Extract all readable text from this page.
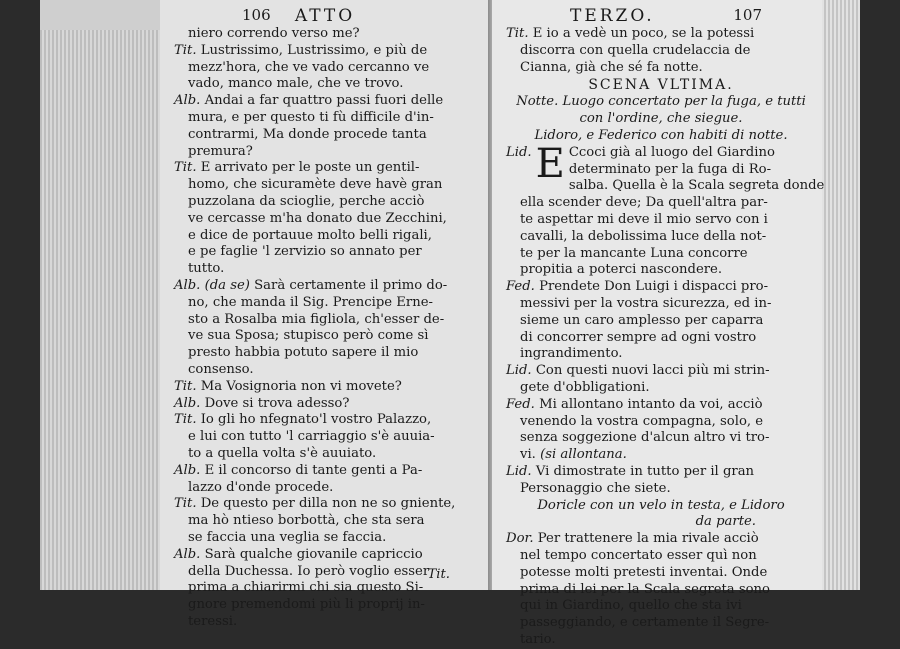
106	ATTO
niero correndo verso me?
Tit. Lustrissimo, Lustrissimo, e più de
mezz'hora, che ve vado cercanno ve
vado, manco male, che ve trovo.
Alb. Andai a far quattro passi fuori delle
mura, e per questo ti fù difficile d'in-
contrarmi, Ma donde procede tanta
premura?
Tit. E arrivato per le poste un gentil-
homo, che sicuramète deve havè gran
puzzolana da scioglie, perche acciò
ve cercasse m'ha donato due Zecchini,
e dice de portauue molto belli rigali,
e pe faglie 'l zervizio so annato per
tutto.
Alb. (da se) Sarà certamente il primo do-
no, che manda il Sig. Prencipe Erne-
sto a Rosalba mia figliola, ch'esser de-
ve sua Sposa; stupisco però come sì
presto habbia potuto sapere il mio
consenso.
Tit. Ma Vosignoria non vi movete?
Alb. Dove si trova adesso?
Tit. Io gli ho nfegnato'l vostro Palazzo,
e lui con tutto 'l carriaggio s'è auuia-
to a quella volta s'è auuiato.
Alb. E il concorso di tante genti a Pa-
lazzo d'onde procede.
Tit. De questo per dilla non ne so gniente,
ma hò ntieso borbottà, che sta sera
se faccia una veglia se faccia.
Alb. Sarà qualche giovanile capriccio
della Duchessa. Io però voglio esser
prima a chiarirmi chi sia questo Si-
gnore premendomi più li proprij in-
teressi.
Tit.
TERZO.	107
Tit. E io a vedè un poco, se la potessi
discorra con quella crudelaccia de
Cianna, già che sé fa notte.
SCENA VLTIMA.
Notte. Luogo concertato per la fuga, e tutti
con l'ordine, che siegue.
Lidoro, e Federico con habiti di notte.
Lid. E Ccoci già al luogo del Giardino
determinato per la fuga di Ro-
salba. Quella è la Scala segreta donde
ella scender deve; Da quell'altra par-
te aspettar mi deve il mio servo con i
cavalli, la debolissima luce della not-
te per la mancante Luna concorre
propitia a poterci nascondere.
Fed. Prendete Don Luigi i dispacci pro-
messivi per la vostra sicurezza, ed in-
sieme un caro amplesso per caparra
di concorrer sempre ad ogni vostro
ingrandimento.
Lid. Con questi nuovi lacci più mi strin-
gete d'obbligationi.
Fed. Mi allontano intanto da voi, acciò
venendo la vostra compagna, solo, e
senza soggezione d'alcun altro vi tro-
vi. (si allontana.
Lid. Vi dimostrate in tutto per il gran
Personaggio che siete.
Doricle con un velo in testa, e Lidoro
da parte.
Dor. Per trattenere la mia rivale acciò
nel tempo concertato esser quì non
potesse molti pretesti inventai. Onde
prima di lei per la Scala segreta sono
qui in Giardino, quello che sta ivi
passeggiando, e certamente il Segre-
tario.
